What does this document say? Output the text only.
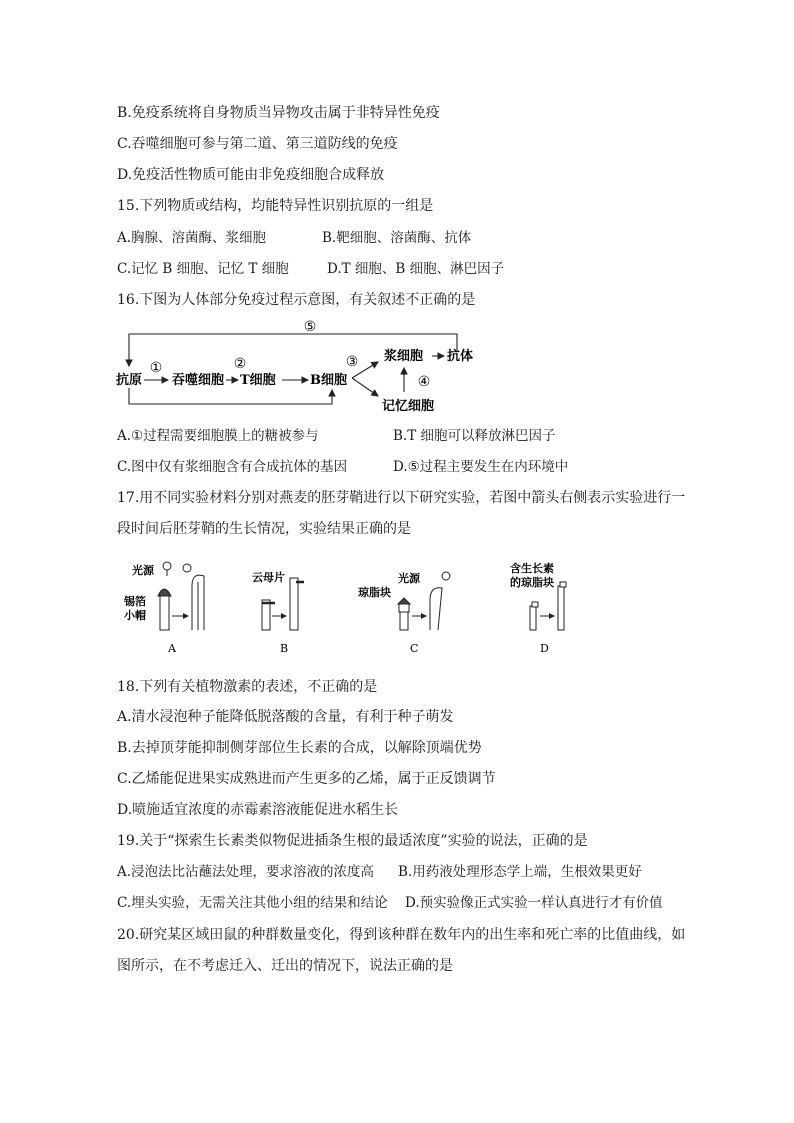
B.免疫系统将自身物质当异物攻击属于非特异性免疫
C.吞噬细胞可参与第二道、第三道防线的免疫
D.免疫活性物质可能由非免疫细胞合成释放
15.下列物质或结构，均能特异性识别抗原的一组是
A.胸腺、溶菌酶、浆细胞	B.靶细胞、溶菌酶、抗体
C.记忆 B 细胞、记忆 T 细胞	D.T 细胞、B 细胞、淋巴因子
16.下图为人体部分免疫过程示意图，有关叙述不正确的是
⑤
抗原
①
吞噬细胞
②
T细胞	B细胞
③ 浆细胞 抗体
④
记忆细胞
A.①过程需要细胞膜上的糖被参与	B.T 细胞可以释放淋巴因子
C.图中仅有浆细胞含有合成抗体的基因	D.⑤过程主要发生在内环境中
17.用不同实验材料分别对燕麦的胚芽鞘进行以下研究实验，若图中箭头右侧表示实验进行一
段时间后胚芽鞘的生长情况，实验结果正确的是
光源
锡箔
小帽
A
云母片
B
光源
琼脂块
C
含生长素
的琼脂块
D
18.下列有关植物激素的表述，不正确的是
A.清水浸泡种子能降低脱落酸的含量，有利于种子萌发
B.去掉顶芽能抑制侧芽部位生长素的合成，以解除顶端优势
C.乙烯能促进果实成熟进而产生更多的乙烯，属于正反馈调节
D.喷施适宜浓度的赤霉素溶液能促进水稻生长
19.关于“探索生长素类似物促进插条生根的最适浓度”实验的说法，正确的是
A.浸泡法比沾蘸法处理，要求溶液的浓度高 B.用药液处理形态学上端，生根效果更好
C.埋头实验，无需关注其他小组的结果和结论 D.预实验像正式实验一样认真进行才有价值
20.研究某区域田鼠的种群数量变化，得到该种群在数年内的出生率和死亡率的比值曲线，如
图所示，在不考虑迁入、迁出的情况下，说法正确的是
